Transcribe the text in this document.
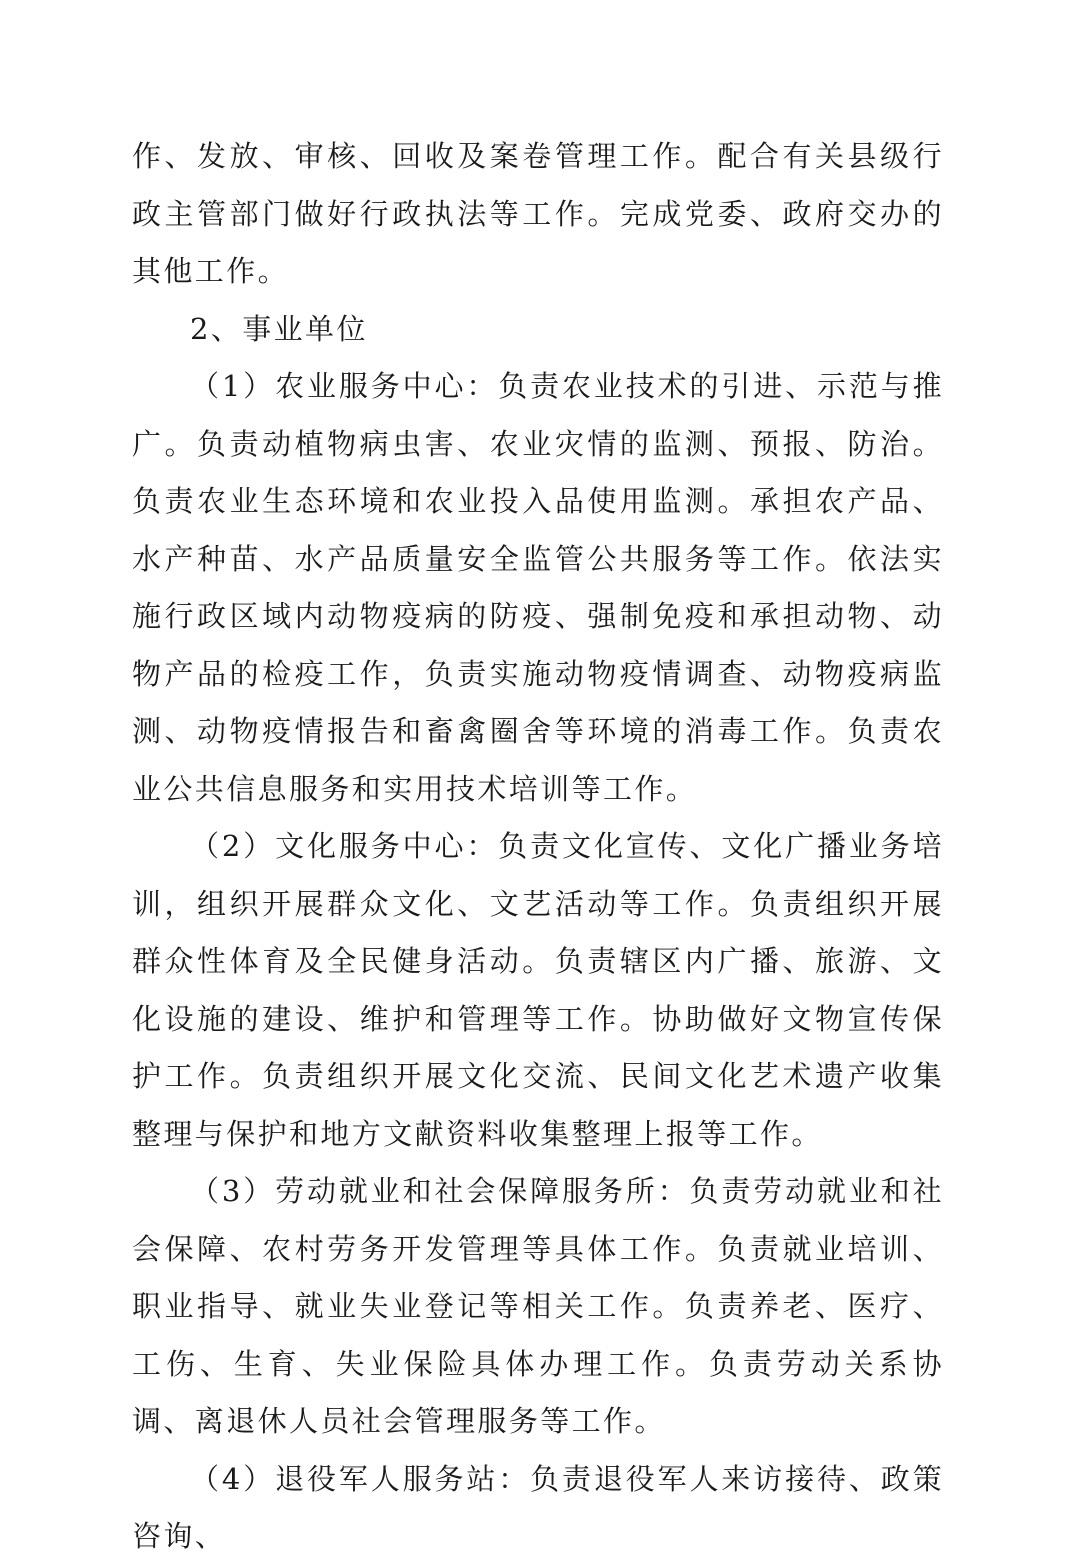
作、发放、审核、回收及案卷管理工作。配合有关县级行政主管部门做好行政执法等工作。完成党委、政府交办的其他工作。

2、事业单位

（1）农业服务中心：负责农业技术的引进、示范与推广。负责动植物病虫害、农业灾情的监测、预报、防治。负责农业生态环境和农业投入品使用监测。承担农产品、水产种苗、水产品质量安全监管公共服务等工作。依法实施行政区域内动物疫病的防疫、强制免疫和承担动物、动物产品的检疫工作，负责实施动物疫情调查、动物疫病监测、动物疫情报告和畜禽圈舍等环境的消毒工作。负责农业公共信息服务和实用技术培训等工作。

（2）文化服务中心：负责文化宣传、文化广播业务培训，组织开展群众文化、文艺活动等工作。负责组织开展群众性体育及全民健身活动。负责辖区内广播、旅游、文化设施的建设、维护和管理等工作。协助做好文物宣传保护工作。负责组织开展文化交流、民间文化艺术遗产收集整理与保护和地方文献资料收集整理上报等工作。

（3）劳动就业和社会保障服务所：负责劳动就业和社会保障、农村劳务开发管理等具体工作。负责就业培训、职业指导、就业失业登记等相关工作。负责养老、医疗、工伤、生育、失业保险具体办理工作。负责劳动关系协调、离退休人员社会管理服务等工作。

（4）退役军人服务站：负责退役军人来访接待、政策咨询、
